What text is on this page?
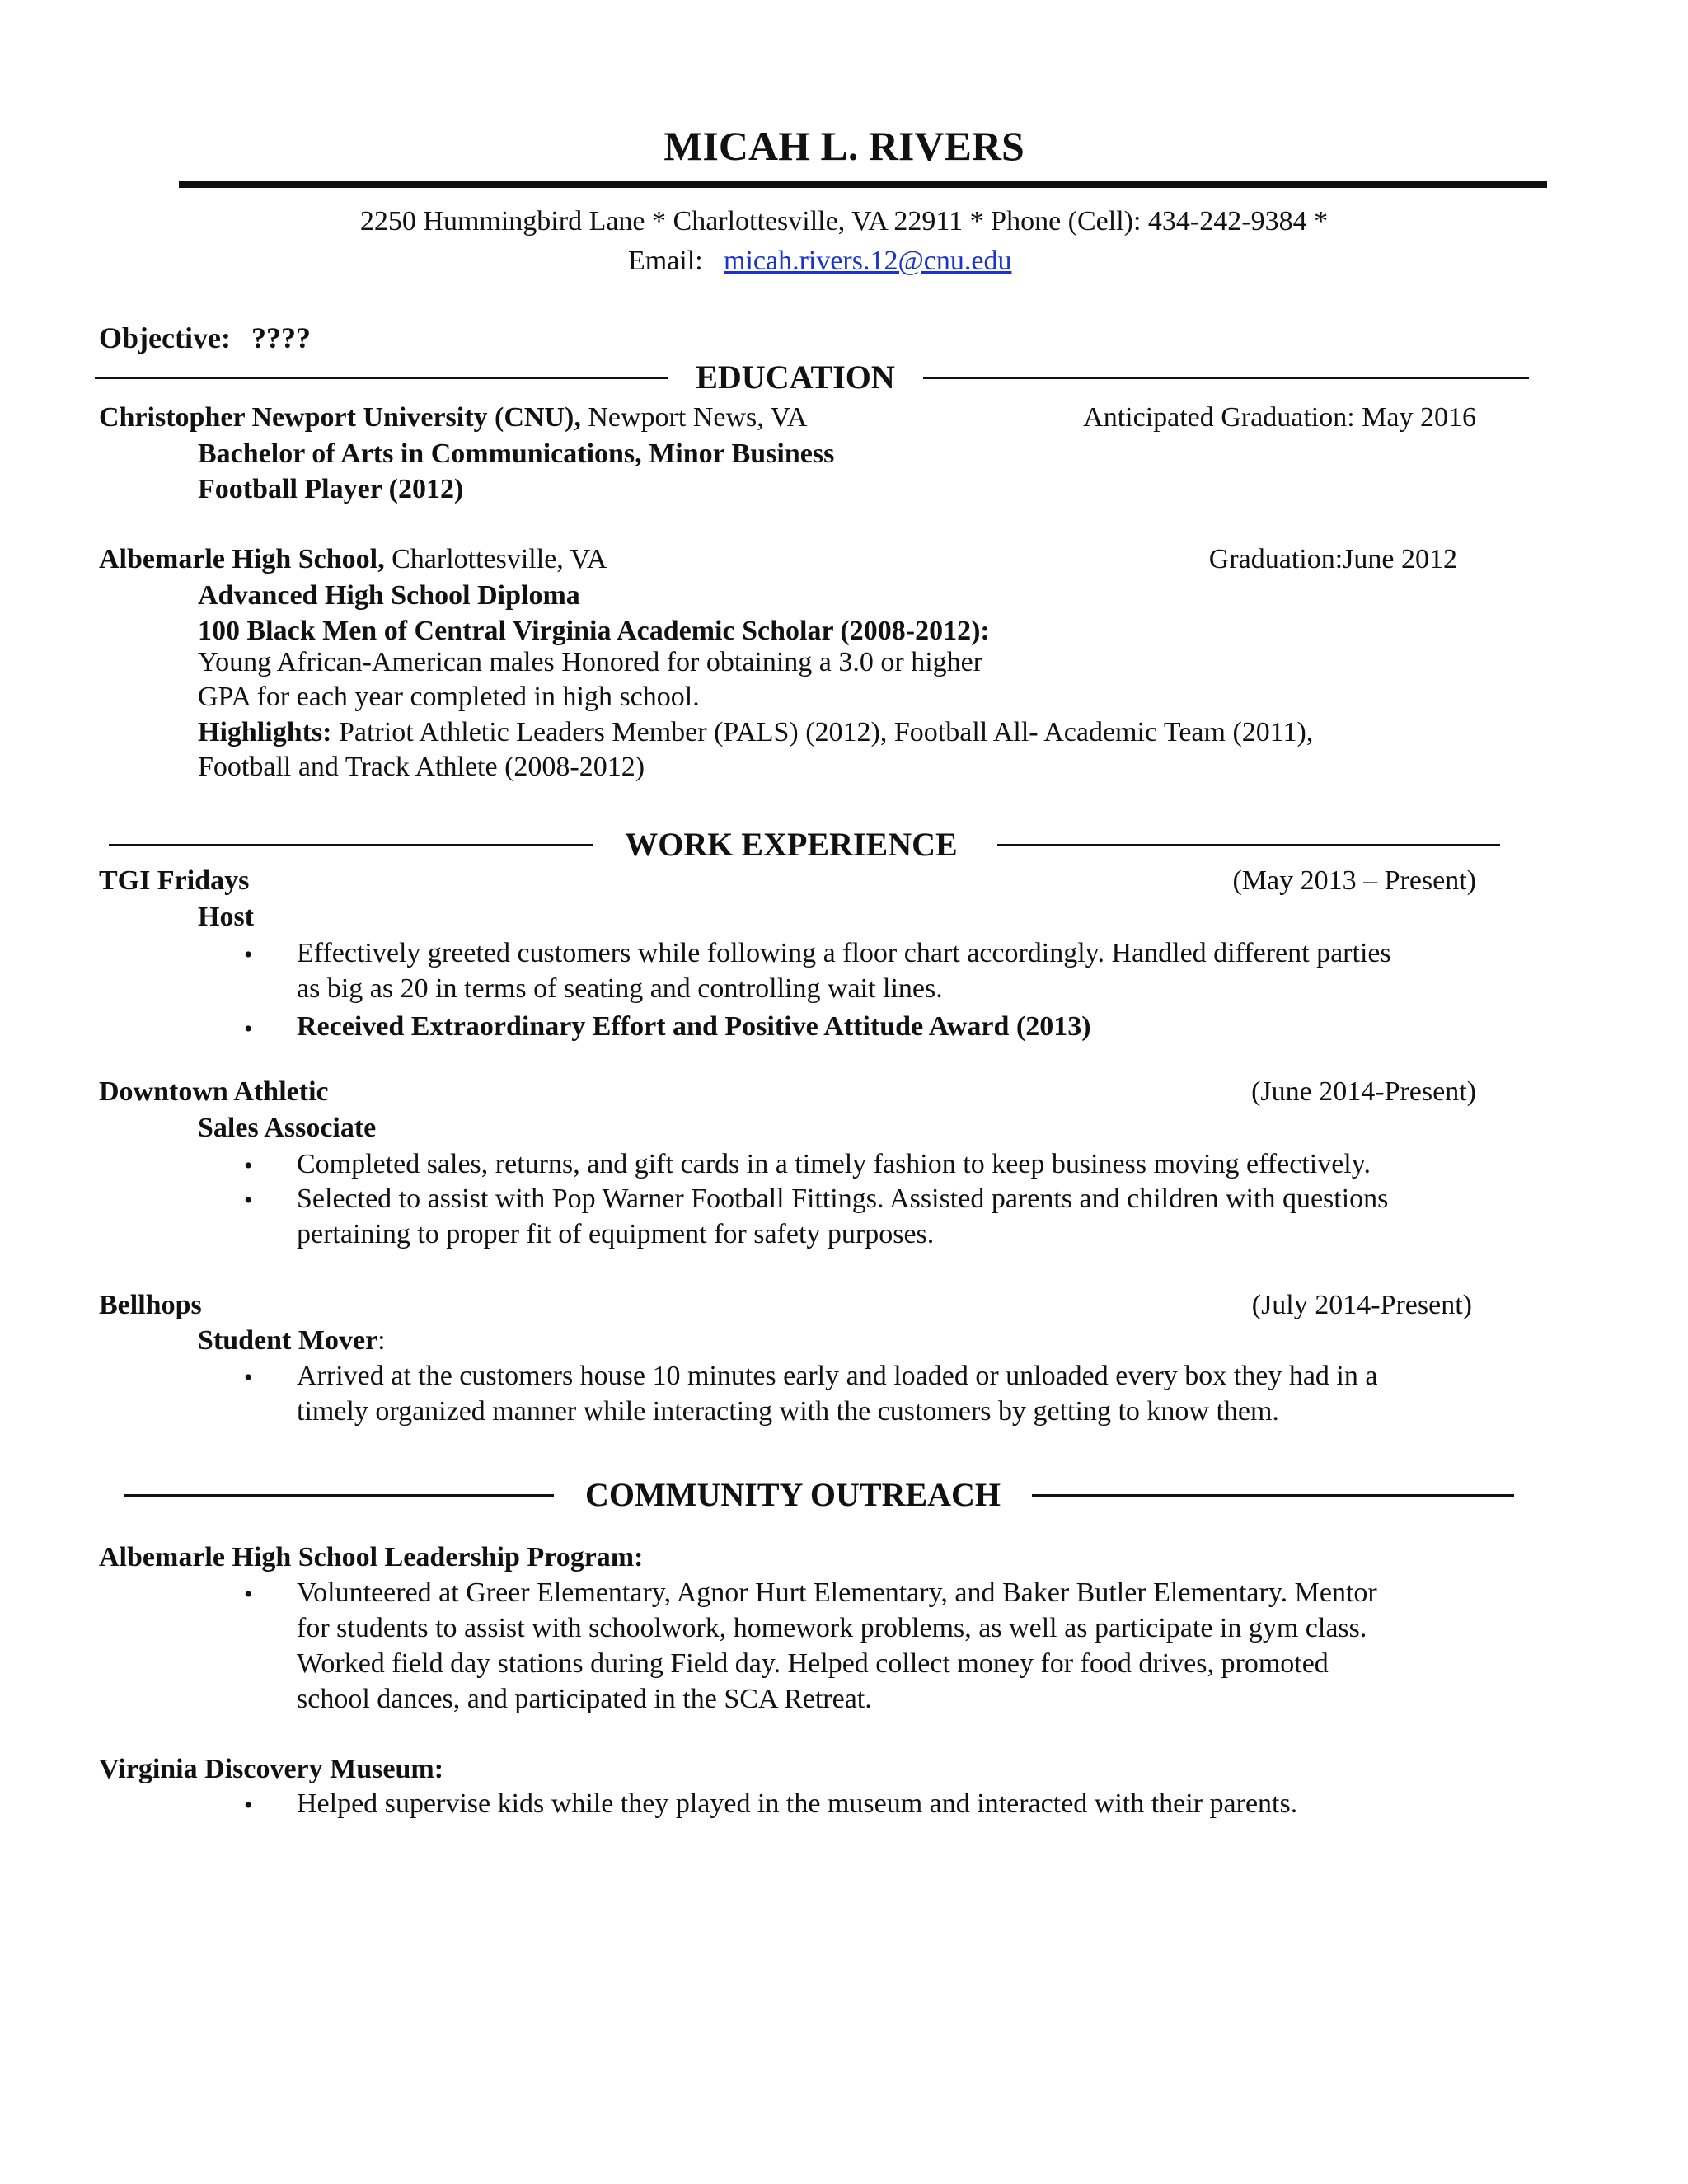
MICAH L. RIVERS
2250 Hummingbird Lane * Charlottesville, VA 22911 * Phone (Cell): 434-242-9384 *
Email: micah.rivers.12@cnu.edu
Objective: ????
EDUCATION
Christopher Newport University (CNU), Newport News, VA	Anticipated Graduation: May 2016
Bachelor of Arts in Communications, Minor Business
Football Player (2012)
Albemarle High School, Charlottesville, VA	Graduation:June 2012
Advanced High School Diploma
100 Black Men of Central Virginia Academic Scholar (2008-2012):
Young African-American males Honored for obtaining a 3.0 or higher
GPA for each year completed in high school.
Highlights: Patriot Athletic Leaders Member (PALS) (2012), Football All- Academic Team (2011),
Football and Track Athlete (2008-2012)
WORK EXPERIENCE
TGI Fridays	(May 2013 – Present)
Host
• Effectively greeted customers while following a floor chart accordingly. Handled different parties
as big as 20 in terms of seating and controlling wait lines.
• Received Extraordinary Effort and Positive Attitude Award (2013)
Downtown Athletic	(June 2014-Present)
Sales Associate
• Completed sales, returns, and gift cards in a timely fashion to keep business moving effectively.
• Selected to assist with Pop Warner Football Fittings. Assisted parents and children with questions
pertaining to proper fit of equipment for safety purposes.
Bellhops	(July 2014-Present)
Student Mover:
• Arrived at the customers house 10 minutes early and loaded or unloaded every box they had in a
timely organized manner while interacting with the customers by getting to know them.
COMMUNITY OUTREACH
Albemarle High School Leadership Program:
• Volunteered at Greer Elementary, Agnor Hurt Elementary, and Baker Butler Elementary. Mentor
for students to assist with schoolwork, homework problems, as well as participate in gym class.
Worked field day stations during Field day. Helped collect money for food drives, promoted
school dances, and participated in the SCA Retreat.
Virginia Discovery Museum:
• Helped supervise kids while they played in the museum and interacted with their parents.
